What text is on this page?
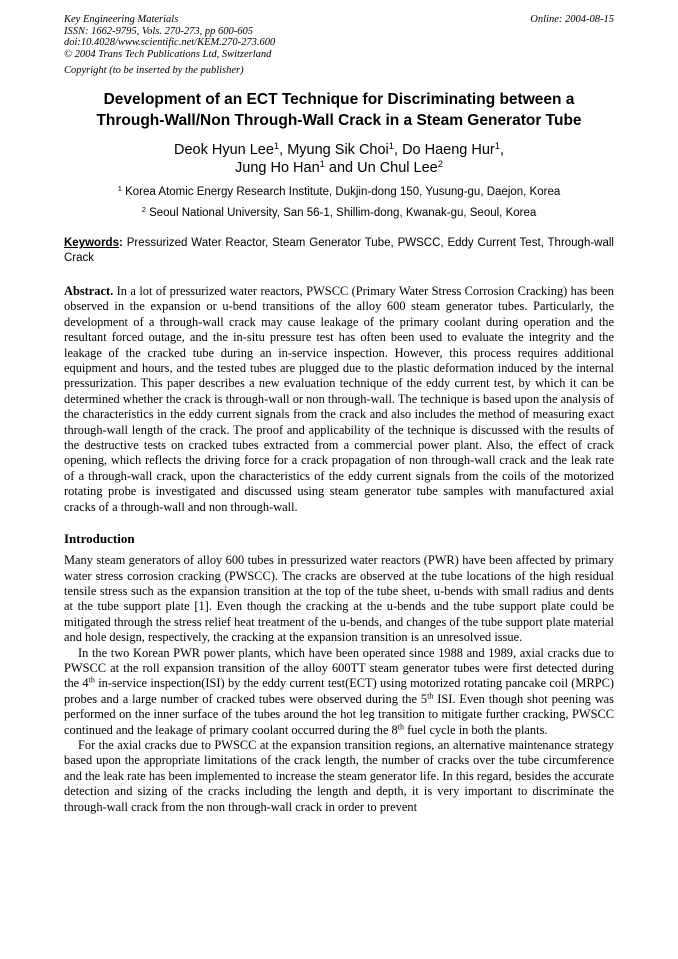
Key Engineering Materials
ISSN: 1662-9795, Vols. 270-273, pp 600-605
doi:10.4028/www.scientific.net/KEM.270-273.600
© 2004 Trans Tech Publications Ltd, Switzerland
Online: 2004-08-15
Copyright (to be inserted by the publisher)
Development of an ECT Technique for Discriminating between a
Through-Wall/Non Through-Wall Crack in a Steam Generator Tube
Deok Hyun Lee$^1$, Myung Sik Choi$^1$, Do Haeng Hur$^1$,
Jung Ho Han$^1$ and Un Chul Lee$^2$
$^1$ Korea Atomic Energy Research Institute, Dukjin-dong 150, Yusung-gu, Daejon, Korea
$^2$ Seoul National University, San 56-1, Shillim-dong, Kwanak-gu, Seoul, Korea
Keywords: Pressurized Water Reactor, Steam Generator Tube, PWSCC, Eddy Current Test, Through-wall Crack

Abstract. In a lot of pressurized water reactors, PWSCC (Primary Water Stress Corrosion Cracking) has been observed in the expansion or u-bend transitions of the alloy 600 steam generator tubes. Particularly, the development of a through-wall crack may cause leakage of the primary coolant during operation and the resultant forced outage, and the in-situ pressure test has often been used to evaluate the integrity and the leakage of the cracked tube during an in-service inspection. However, this process requires additional equipment and hours, and the tested tubes are plugged due to the plastic deformation induced by the internal pressurization. This paper describes a new evaluation technique of the eddy current test, by which it can be determined whether the crack is through-wall or non through-wall. The technique is based upon the analysis of the characteristics in the eddy current signals from the crack and also includes the method of measuring exact through-wall length of the crack. The proof and applicability of the technique is discussed with the results of the destructive tests on cracked tubes extracted from a commercial power plant. Also, the effect of crack opening, which reflects the driving force for a crack propagation of non through-wall crack and the leak rate of a through-wall crack, upon the characteristics of the eddy current signals from the coils of the motorized rotating probe is investigated and discussed using steam generator tube samples with manufactured axial cracks of a through-wall and non through-wall.

Introduction

Many steam generators of alloy 600 tubes in pressurized water reactors (PWR) have been affected by primary water stress corrosion cracking (PWSCC). The cracks are observed at the tube locations of the high residual tensile stress such as the expansion transition at the top of the tube sheet, u-bends with small radius and dents at the tube support plate [1]. Even though the cracking at the u-bends and the tube support plate could be mitigated through the stress relief heat treatment of the u-bends, and changes of the tube support plate material and hole design, respectively, the cracking at the expansion transition is an unresolved issue.

In the two Korean PWR power plants, which have been operated since 1988 and 1989, axial cracks due to PWSCC at the roll expansion transition of the alloy 600TT steam generator tubes were first detected during the 4th in-service inspection(ISI) by the eddy current test(ECT) using motorized rotating pancake coil (MRPC) probes and a large number of cracked tubes were observed during the 5th ISI. Even though shot peening was performed on the inner surface of the tubes around the hot leg transition to mitigate further cracking, PWSCC continued and the leakage of primary coolant occurred during the 8th fuel cycle in both the plants.

For the axial cracks due to PWSCC at the expansion transition regions, an alternative maintenance strategy based upon the appropriate limitations of the crack length, the number of cracks over the tube circumference and the leak rate has been implemented to increase the steam generator life. In this regard, besides the accurate detection and sizing of the cracks including the length and depth, it is very important to discriminate the through-wall crack from the non through-wall crack in order to prevent
